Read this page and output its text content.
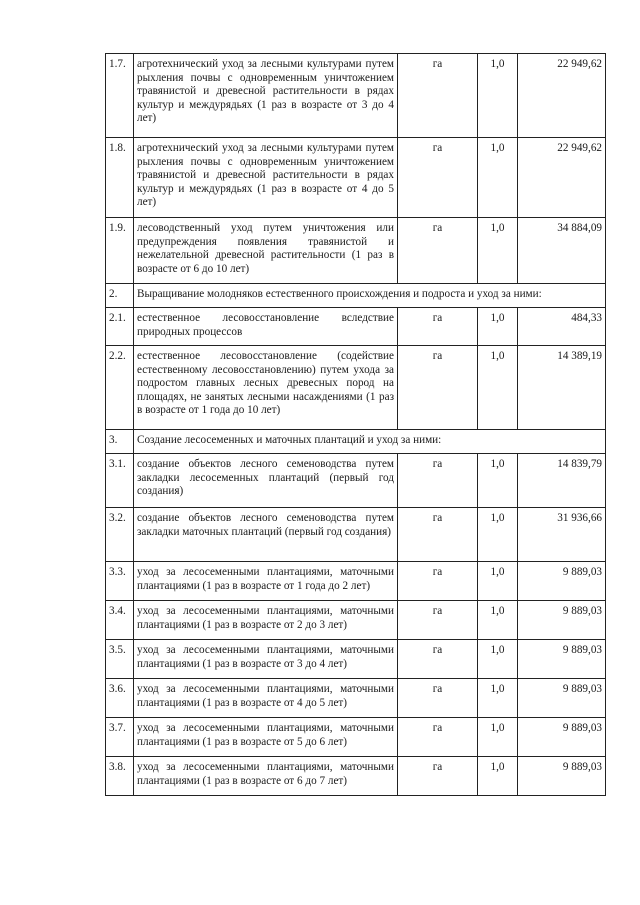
1.7.	агротехнический уход за лесными культурами путем рыхления почвы с одновременным уничтожением травянистой и древесной растительности в рядах культур и междурядьях (1 раз в возрасте от 3 до 4 лет)	га	1,0	22 949,62
1.8.	агротехнический уход за лесными культурами путем рыхления почвы с одновременным уничтожением травянистой и древесной растительности в рядах культур и междурядьях (1 раз в возрасте от 4 до 5 лет)	га	1,0	22 949,62
1.9.	лесоводственный уход путем уничтожения или предупреждения появления травянистой и нежелательной древесной растительности (1 раз в возрасте от 6 до 10 лет)	га	1,0	34 884,09
2.	Выращивание молодняков естественного происхождения и подроста и уход за ними:			
2.1.	естественное лесовосстановление вследствие природных процессов	га	1,0	484,33
2.2.	естественное лесовосстановление (содействие естественному лесовосстановлению) путем ухода за подростом главных лесных древесных пород на площадях, не занятых лесными насаждениями (1 раз в возрасте от 1 года до 10 лет)	га	1,0	14 389,19
3.	Создание лесосеменных и маточных плантаций и уход за ними:			
3.1.	создание объектов лесного семеноводства путем закладки лесосеменных плантаций (первый год создания)	га	1,0	14 839,79
3.2.	создание объектов лесного семеноводства путем закладки маточных плантаций (первый год создания)	га	1,0	31 936,66
3.3.	уход за лесосеменными плантациями, маточными плантациями (1 раз в возрасте от 1 года до 2 лет)	га	1,0	9 889,03
3.4.	уход за лесосеменными плантациями, маточными плантациями (1 раз в возрасте от 2 до 3 лет)	га	1,0	9 889,03
3.5.	уход за лесосеменными плантациями, маточными плантациями (1 раз в возрасте от 3 до 4 лет)	га	1,0	9 889,03
3.6.	уход за лесосеменными плантациями, маточными плантациями (1 раз в возрасте от 4 до 5 лет)	га	1,0	9 889,03
3.7.	уход за лесосеменными плантациями, маточными плантациями (1 раз в возрасте от 5 до 6 лет)	га	1,0	9 889,03
3.8.	уход за лесосеменными плантациями, маточными плантациями (1 раз в возрасте от 6 до 7 лет)	га	1,0	9 889,03
